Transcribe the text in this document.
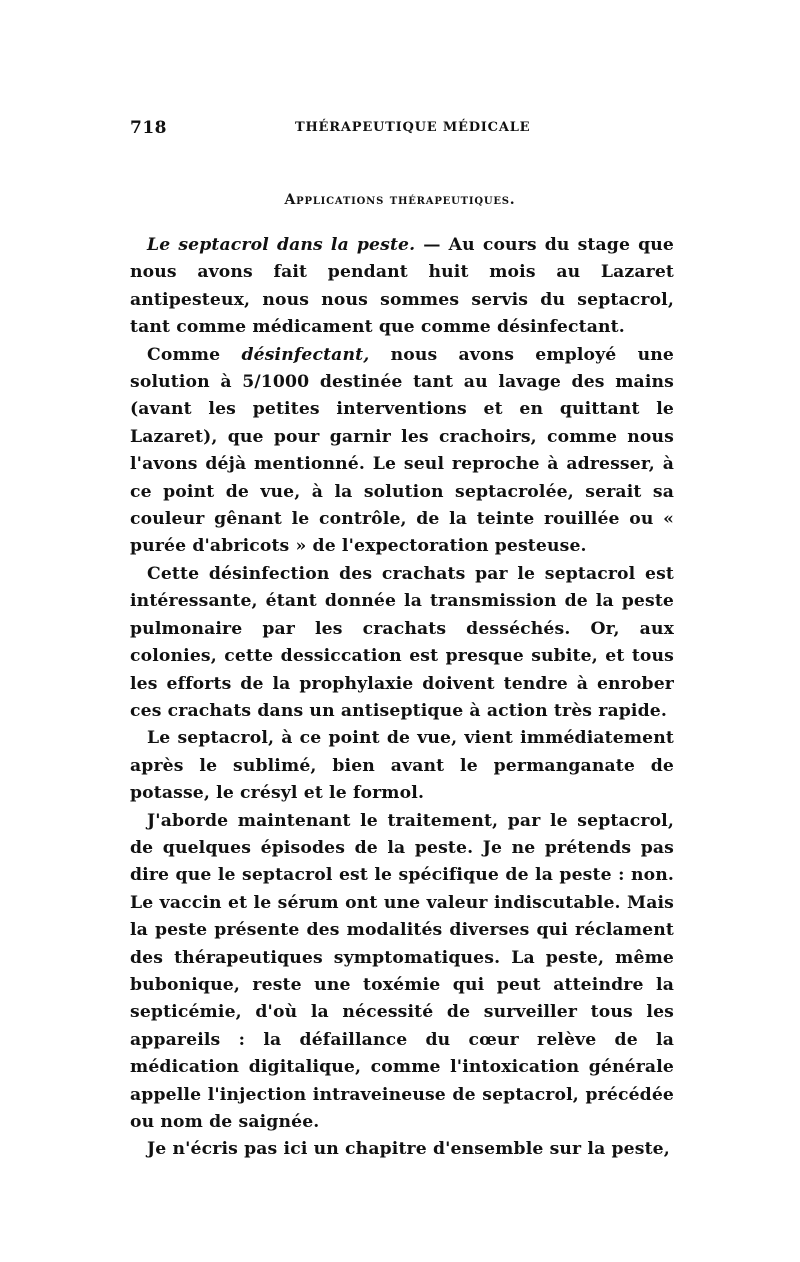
718	THÉRAPEUTIQUE MÉDICALE
Applications thérapeutiques.

Le septacrol dans la peste. — Au cours du stage que nous avons fait pendant huit mois au Lazaret antipesteux, nous nous sommes servis du septacrol, tant comme médicament que comme désinfectant.

Comme désinfectant, nous avons employé une solution à 5/1000 destinée tant au lavage des mains (avant les petites interventions et en quittant le Lazaret), que pour garnir les crachoirs, comme nous l'avons déjà mentionné. Le seul reproche à adresser, à ce point de vue, à la solution septacrolée, serait sa couleur gênant le contrôle, de la teinte rouillée ou « purée d'abricots » de l'expectoration pesteuse.

Cette désinfection des crachats par le septacrol est intéressante, étant donnée la transmission de la peste pulmonaire par les crachats desséchés. Or, aux colonies, cette dessiccation est presque subite, et tous les efforts de la prophylaxie doivent tendre à enrober ces crachats dans un antiseptique à action très rapide.

Le septacrol, à ce point de vue, vient immédiatement après le sublimé, bien avant le permanganate de potasse, le crésyl et le formol.

J'aborde maintenant le traitement, par le septacrol, de quelques épisodes de la peste. Je ne prétends pas dire que le septacrol est le spécifique de la peste : non. Le vaccin et le sérum ont une valeur indiscutable. Mais la peste présente des modalités diverses qui réclament des thérapeutiques symptomatiques. La peste, même bubonique, reste une toxémie qui peut atteindre la septicémie, d'où la nécessité de surveiller tous les appareils : la défaillance du cœur relève de la médication digitalique, comme l'intoxication générale appelle l'injection intraveineuse de septacrol, précédée ou nom de saignée.

Je n'écris pas ici un chapitre d'ensemble sur la peste,
